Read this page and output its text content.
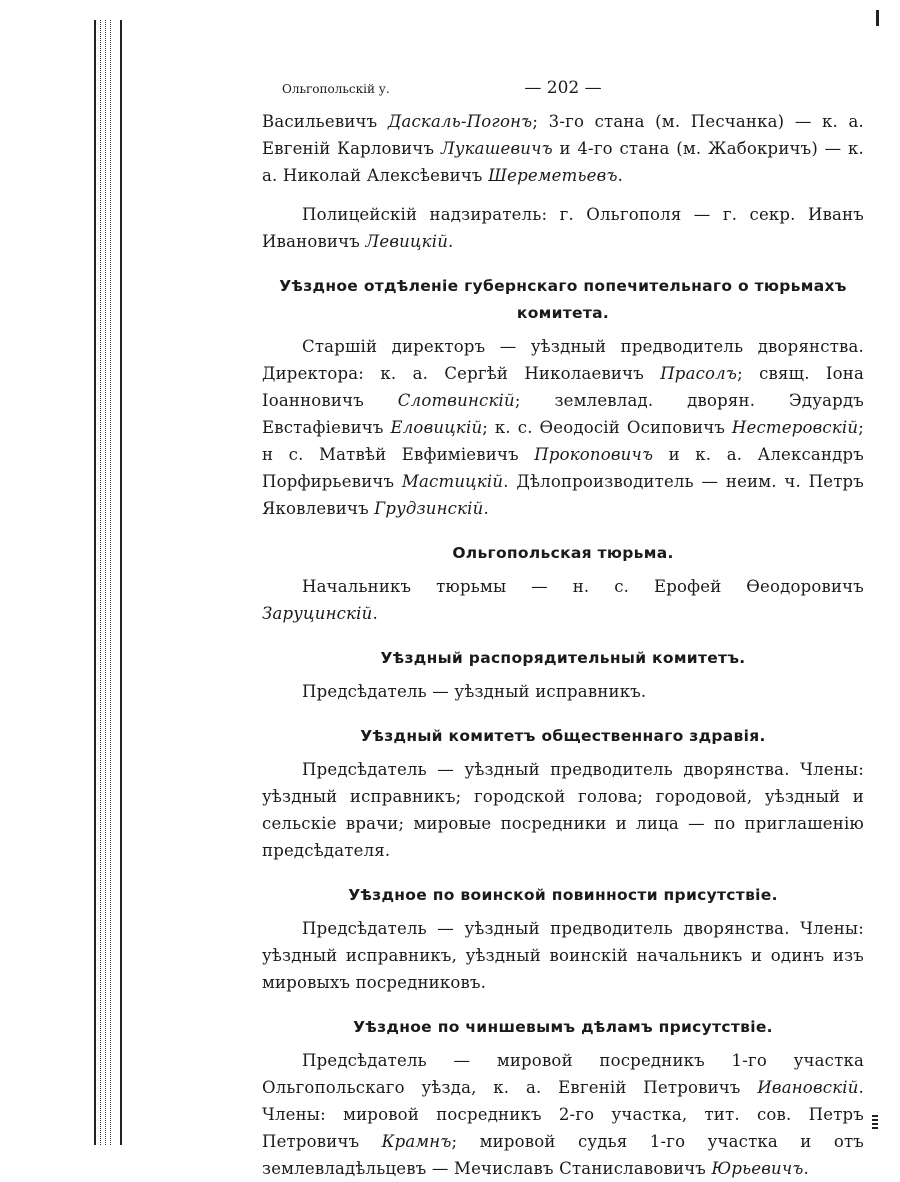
Ольгопольскій у.	— 202 —

Васильевичъ Даскаль-Погонъ; 3-го стана (м. Песчанка) — к. а. Евгеній Карловичъ Лукашевичъ и 4-го стана (м. Жабокричъ) — к. а. Николай Алексѣевичъ Шереметьевъ.

Полицейскій надзиратель: г. Ольгополя — г. секр. Иванъ Ивановичъ Левицкій.

Уѣздное отдѣленіе губернскаго попечительнаго о тюрьмахъ комитета.

Старшій директоръ — уѣздный предводитель дворянства. Директора: к. а. Сергѣй Николаевичъ Прасолъ; свящ. Іона Іоанновичъ Слотвинскій; землевлад. дворян. Эдуардъ Евстафіевичъ Еловицкій; к. с. Ѳеодосій Осиповичъ Нестеровскій; н с. Матвѣй Евфиміевичъ Прокоповичъ и к. а. Александръ Порфирьевичъ Мастицкій. Дѣлопроизводитель — неим. ч. Петръ Яковлевичъ Грудзинскій.

Ольгопольская тюрьма.

Начальникъ тюрьмы — н. с. Ерофей Ѳеодоровичъ Заруцинскій.

Уѣздный распорядительный комитетъ.

Предсѣдатель — уѣздный исправникъ.

Уѣздный комитетъ общественнаго здравія.

Предсѣдатель — уѣздный предводитель дворянства. Члены: уѣздный исправникъ; городской голова; городовой, уѣздный и сельскіе врачи; мировые посредники и лица — по приглашенію предсѣдателя.

Уѣздное по воинской повинности присутствіе.

Предсѣдатель — уѣздный предводитель дворянства. Члены: уѣздный исправникъ, уѣздный воинскій начальникъ и одинъ изъ мировыхъ посредниковъ.

Уѣздное по чиншевымъ дѣламъ присутствіе.

Предсѣдатель — мировой посредникъ 1-го участка Ольгопольскаго уѣзда, к. а. Евгеній Петровичъ Ивановскій. Члены: мировой посредникъ 2-го участка, тит. сов. Петръ Петровичъ Крамнъ; мировой судья 1-го участка и отъ землевладѣльцевъ — Мечиславъ Станиславовичъ Юрьевичъ.
